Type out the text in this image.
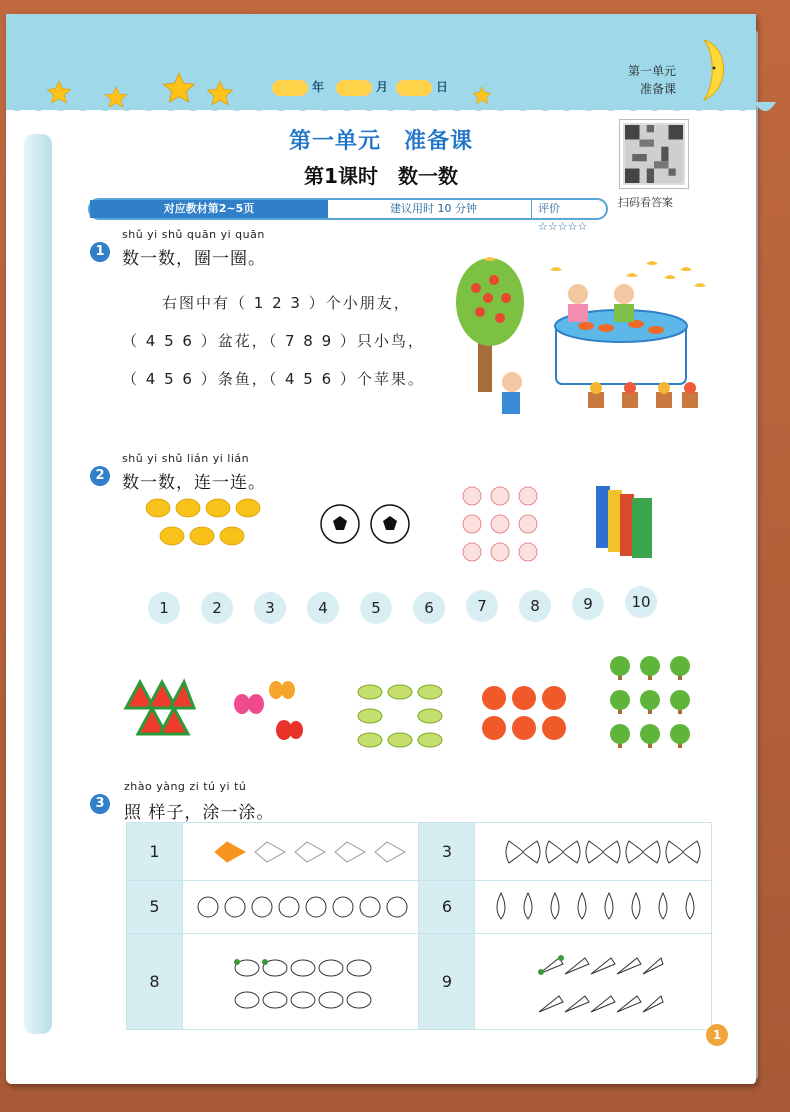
年	月	日
第一单元
准备课
第一单元　准备课
第1课时　数一数
扫码看答案
对应教材第2~5页	建议用时 10 分钟	评价 ☆☆☆☆☆
1
shǔ yi shǔ quān yi quān
数一数，圈一圈。
右图中有（ 1 2 3 ）个小朋友，
（ 4 5 6 ）盆花，（ 7 8 9 ）只小鸟，
（ 4 5 6 ）条鱼，（ 4 5 6 ）个苹果。
2
shǔ yi shǔ lián yi lián
数一数，连一连。
1	2	3	4	5	6	7	8	9	10
3
zhào yàng zi tú yi tú
照 样子，涂一涂。
1		3	

5		6	

8		9	
1
